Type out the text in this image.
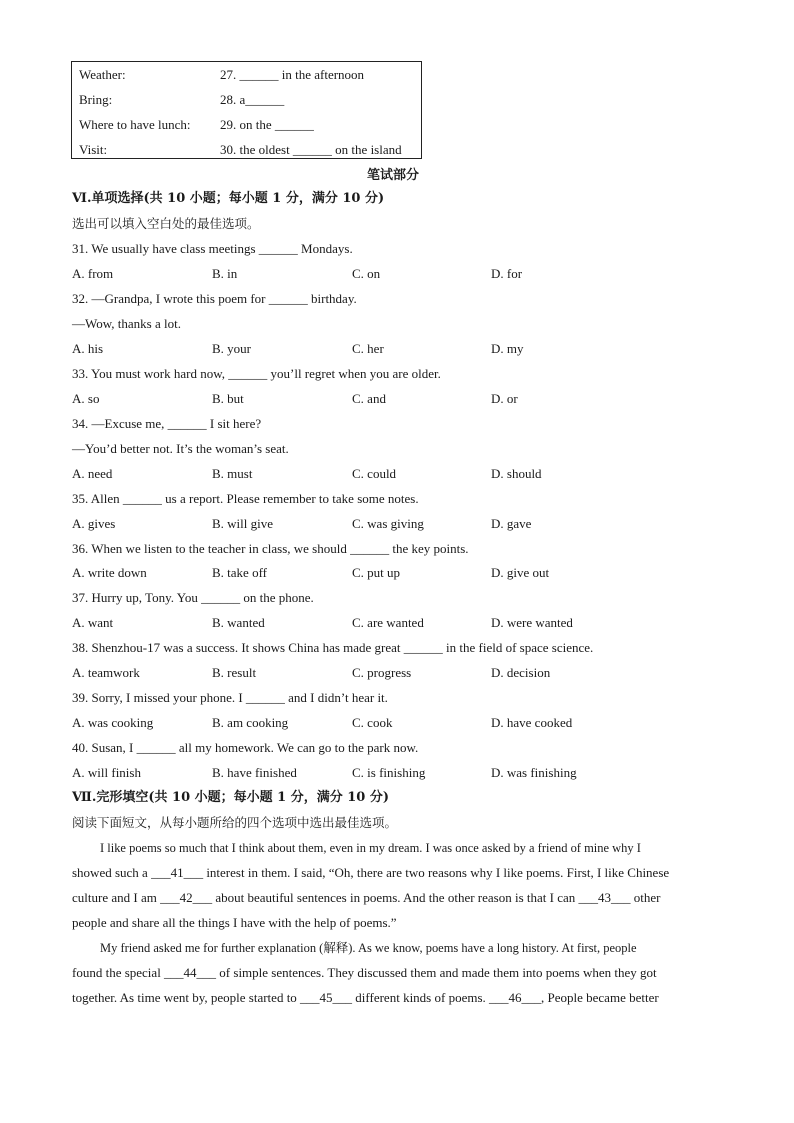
Weather:	27. ______ in the afternoon
Bring:	28. a______
Where to have lunch: 29. on the ______
Visit:	30. the oldest ______ on the island
笔试部分
Ⅵ.单项选择(共 10 小题；每小题 1 分，满分 10 分)
选出可以填入空白处的最佳选项。
31. We usually have class meetings ______ Mondays.
A. from	B. in	C. on	D. for
32. —Grandpa, I wrote this poem for ______ birthday.
—Wow, thanks a lot.
A. his	B. your	C. her	D. my
33. You must work hard now, ______ you’ll regret when you are older.
A. so	B. but	C. and	D. or
34. —Excuse me, ______ I sit here?
—You’d better not. It’s the woman’s seat.
A. need	B. must	C. could	D. should
35. Allen ______ us a report. Please remember to take some notes.
A. gives	B. will give	C. was giving	D. gave
36. When we listen to the teacher in class, we should ______ the key points.
A. write down	B. take off	C. put up	D. give out
37. Hurry up, Tony. You ______ on the phone.
A. want	B. wanted	C. are wanted	D. were wanted
38. Shenzhou-17 was a success. It shows China has made great ______ in the field of space science.
A. teamwork	B. result	C. progress	D. decision
39. Sorry, I missed your phone. I ______ and I didn’t hear it.
A. was cooking	B. am cooking	C. cook	D. have cooked
40. Susan, I ______ all my homework. We can go to the park now.
A. will finish	B. have finished	C. is finishing	D. was finishing
Ⅶ.完形填空(共 10 小题；每小题 1 分，满分 10 分)
阅读下面短文，从每小题所给的四个选项中选出最佳选项。
I like poems so much that I think about them, even in my dream. I was once asked by a friend of mine why I
showed such a ___41___ interest in them. I said, “Oh, there are two reasons why I like poems. First, I like Chinese
culture and I am ___42___ about beautiful sentences in poems. And the other reason is that I can ___43___ other
people and share all the things I have with the help of poems.”
My friend asked me for further explanation (解释). As we know, poems have a long history. At first, people
found the special ___44___ of simple sentences. They discussed them and made them into poems when they got
together. As time went by, people started to ___45___ different kinds of poems. ___46___, People became better
